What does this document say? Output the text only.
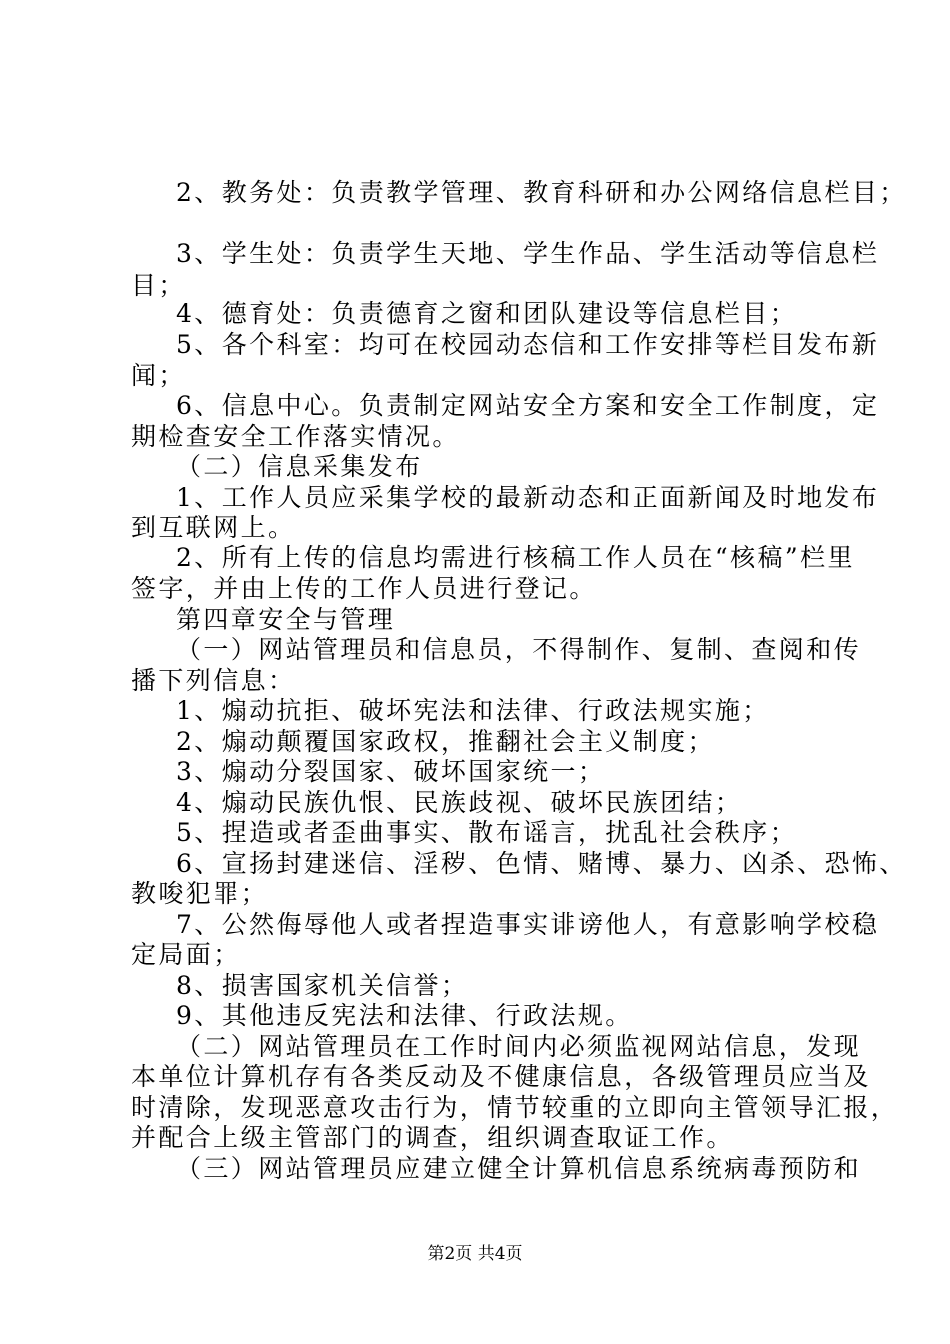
2、教务处：负责教学管理、教育科研和办公网络信息栏目；
3、学生处：负责学生天地、学生作品、学生活动等信息栏
目；
4、德育处：负责德育之窗和团队建设等信息栏目；
5、各个科室：均可在校园动态信和工作安排等栏目发布新
闻；
6、信息中心。负责制定网站安全方案和安全工作制度，定
期检查安全工作落实情况。
（二）信息采集发布
1、工作人员应采集学校的最新动态和正面新闻及时地发布
到互联网上。
2、所有上传的信息均需进行核稿工作人员在“核稿”栏里
签字，并由上传的工作人员进行登记。
第四章安全与管理
（一）网站管理员和信息员，不得制作、复制、查阅和传
播下列信息：
1、煽动抗拒、破坏宪法和法律、行政法规实施；
2、煽动颠覆国家政权，推翻社会主义制度；
3、煽动分裂国家、破坏国家统一；
4、煽动民族仇恨、民族歧视、破坏民族团结；
5、捏造或者歪曲事实、散布谣言，扰乱社会秩序；
6、宣扬封建迷信、淫秽、色情、赌博、暴力、凶杀、恐怖、
教唆犯罪；
7、公然侮辱他人或者捏造事实诽谤他人，有意影响学校稳
定局面；
8、损害国家机关信誉；
9、其他违反宪法和法律、行政法规。
（二）网站管理员在工作时间内必须监视网站信息，发现
本单位计算机存有各类反动及不健康信息，各级管理员应当及
时清除，发现恶意攻击行为，情节较重的立即向主管领导汇报，
并配合上级主管部门的调查，组织调查取证工作。
（三）网站管理员应建立健全计算机信息系统病毒预防和
第2页 共4页
